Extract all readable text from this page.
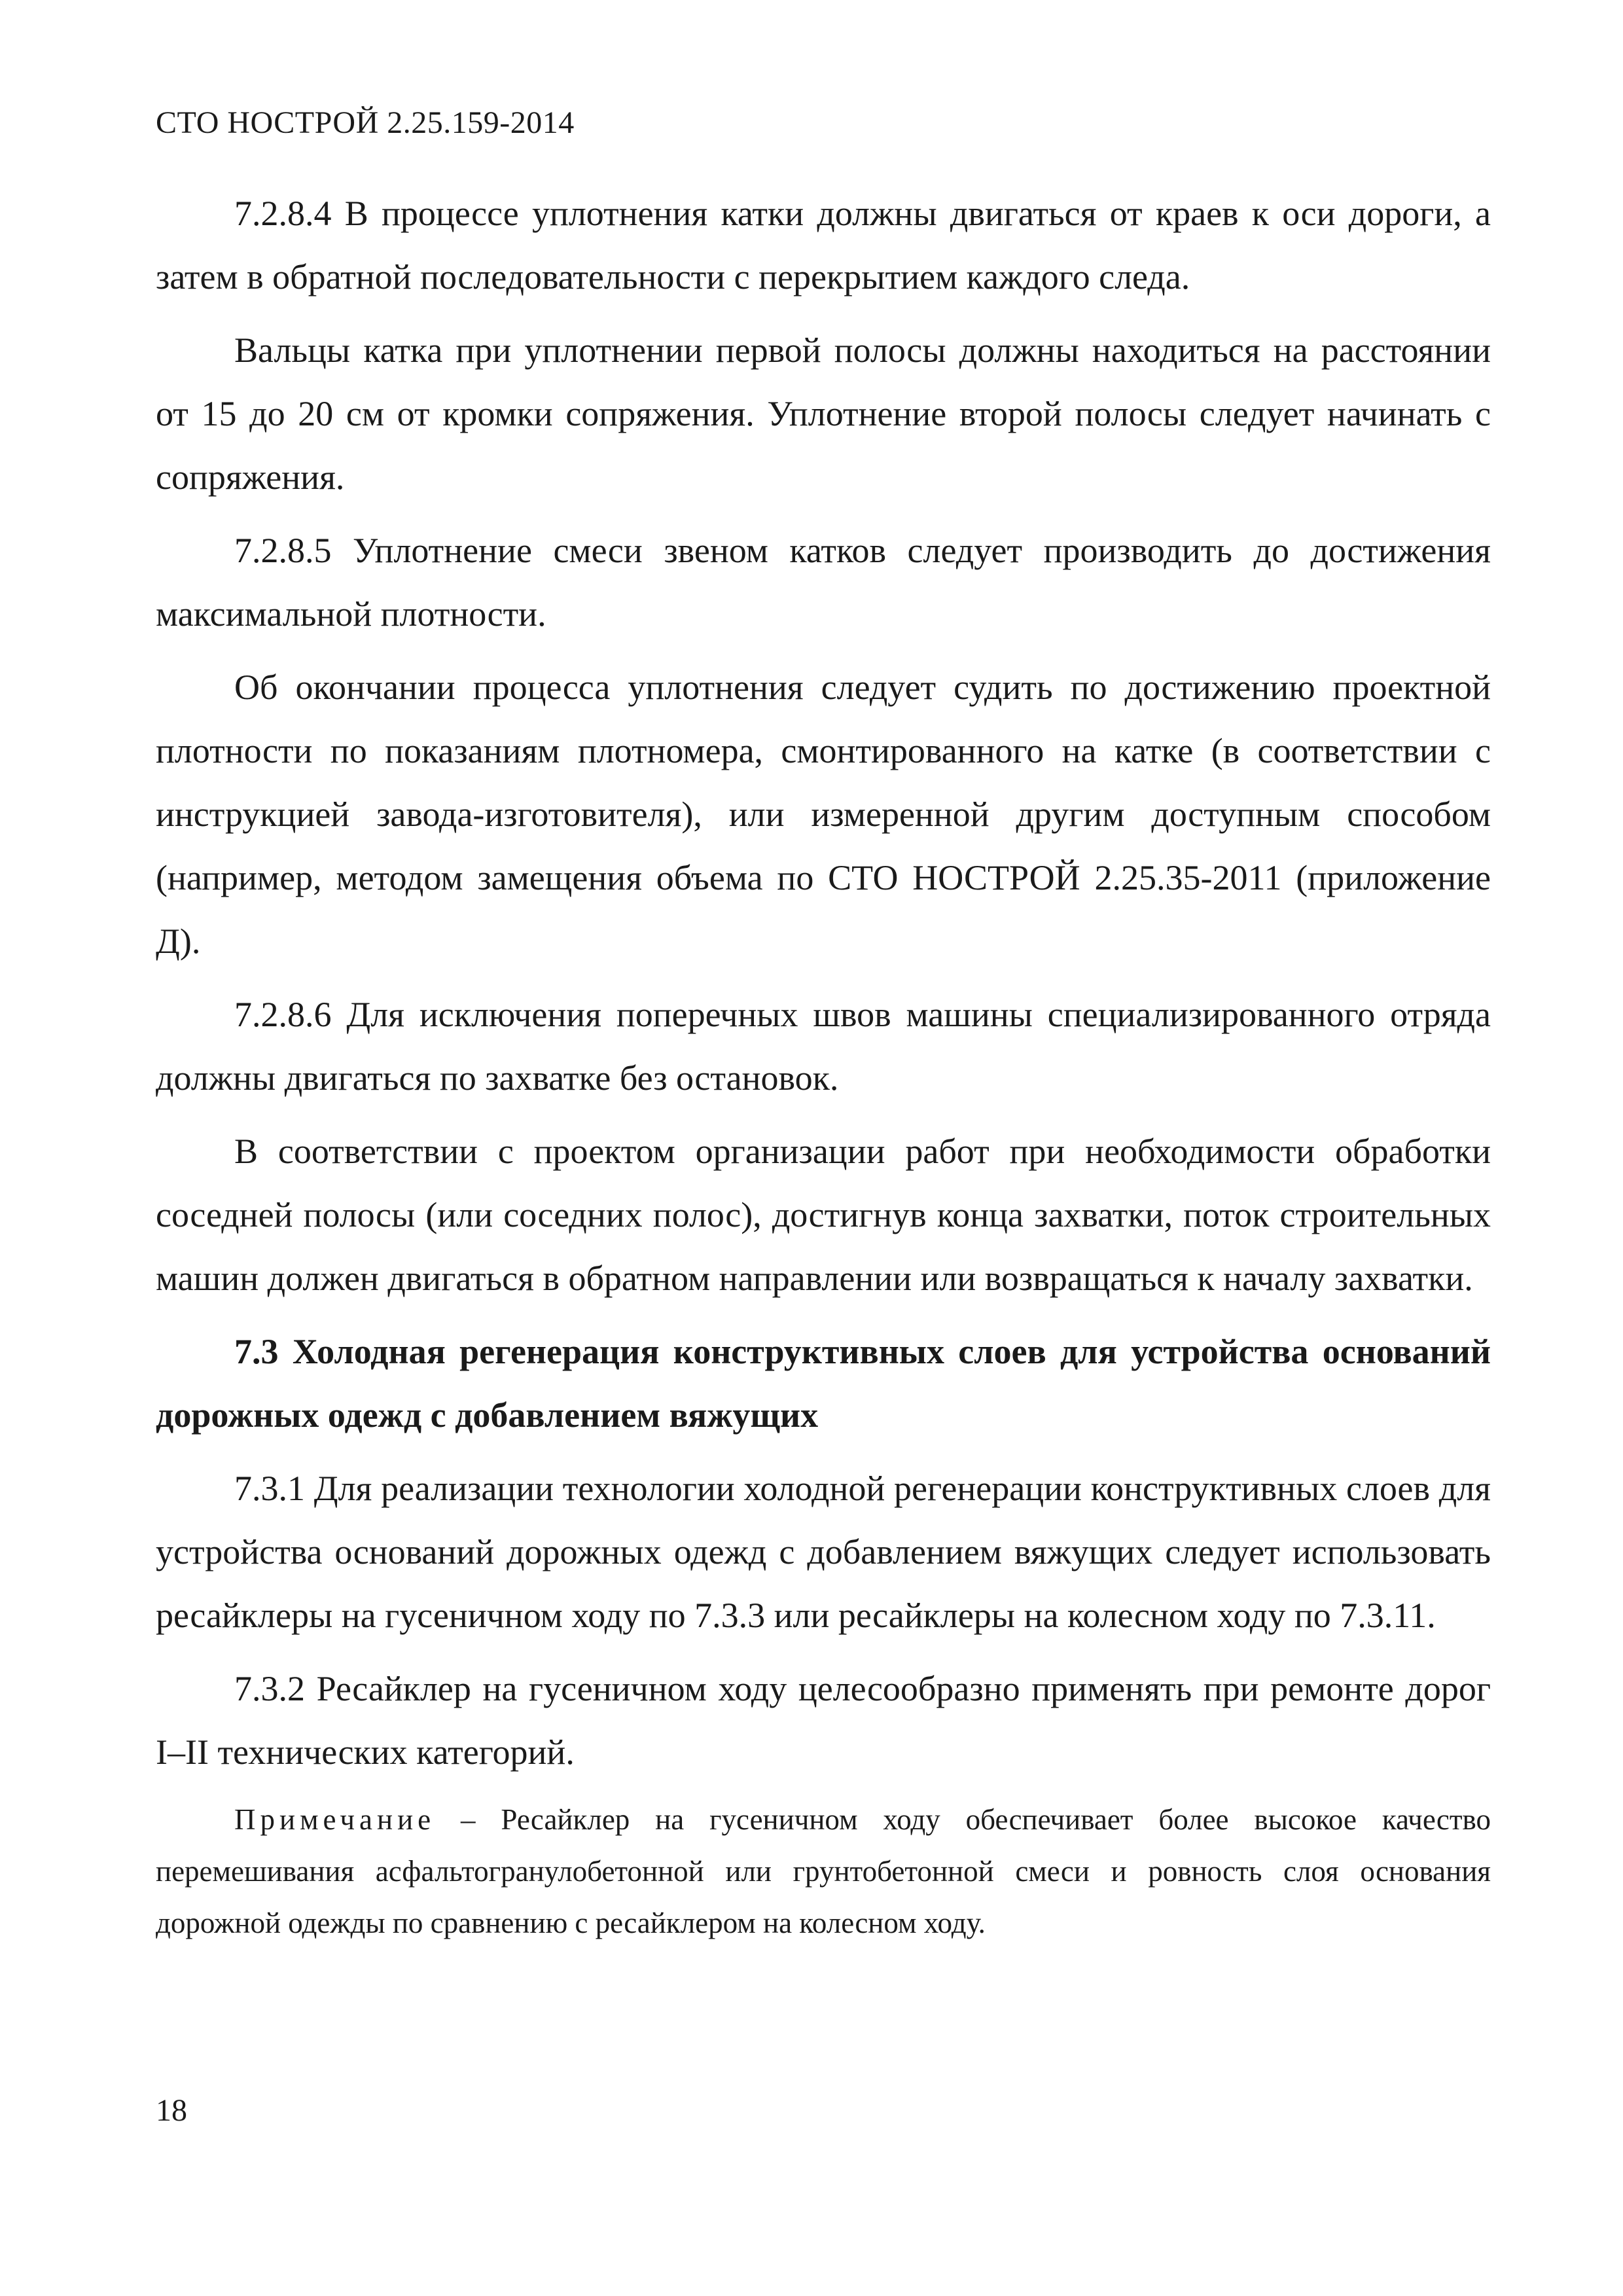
СТО НОСТРОЙ 2.25.159-2014

7.2.8.4 В процессе уплотнения катки должны двигаться от краев к оси дороги, а затем в обратной последовательности с перекрытием каждого следа.

Вальцы катка при уплотнении первой полосы должны находиться на расстоянии от 15 до 20 см от кромки сопряжения. Уплотнение второй полосы следует начинать с сопряжения.

7.2.8.5 Уплотнение смеси звеном катков следует производить до достижения максимальной плотности.

Об окончании процесса уплотнения следует судить по достижению проектной плотности по показаниям плотномера, смонтированного на катке (в соответствии с инструкцией завода-изготовителя), или измеренной другим доступным способом (например, методом замещения объема по СТО НОСТРОЙ 2.25.35-2011 (приложение Д).

7.2.8.6 Для исключения поперечных швов машины специализированного отряда должны двигаться по захватке без остановок.

В соответствии с проектом организации работ при необходимости обработки соседней полосы (или соседних полос), достигнув конца захватки, поток строительных машин должен двигаться в обратном направлении или возвращаться к началу захватки.

7.3 Холодная регенерация конструктивных слоев для устройства оснований дорожных одежд с добавлением вяжущих

7.3.1 Для реализации технологии холодной регенерации конструктивных слоев для устройства оснований дорожных одежд с добавлением вяжущих следует использовать ресайклеры на гусеничном ходу по 7.3.3 или ресайклеры на колесном ходу по 7.3.11.

7.3.2 Ресайклер на гусеничном ходу целесообразно применять при ремонте дорог I–II технических категорий.

Примечание – Ресайклер на гусеничном ходу обеспечивает более высокое качество перемешивания асфальтогранулобетонной или грунтобетонной смеси и ровность слоя основания дорожной одежды по сравнению с ресайклером на колесном ходу.

18
